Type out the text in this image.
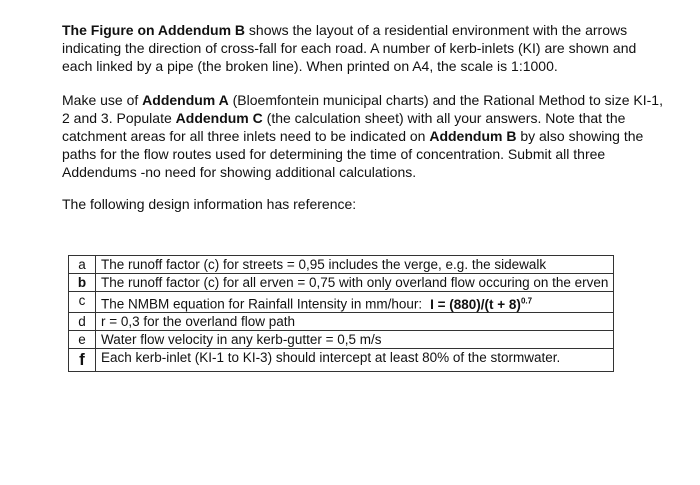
The Figure on Addendum B shows the layout of a residential environment with the arrows indicating the direction of cross-fall for each road. A number of kerb-inlets (KI) are shown and each linked by a pipe (the broken line). When printed on A4, the scale is 1:1000.

Make use of Addendum A (Bloemfontein municipal charts) and the Rational Method to size KI-1, 2 and 3. Populate Addendum C (the calculation sheet) with all your answers. Note that the catchment areas for all three inlets need to be indicated on Addendum B by also showing the paths for the flow routes used for determining the time of concentration. Submit all three Addendums -no need for showing additional calculations.

The following design information has reference:

a	The runoff factor (c) for streets = 0,95 includes the verge, e.g. the sidewalk
b	The runoff factor (c) for all erven = 0,75 with only overland flow occuring on the erven
c	The NMBM equation for Rainfall Intensity in mm/hour: $I = (880)/(t + 8)^{0.7}$
d	r = 0,3 for the overland flow path
e	Water flow velocity in any kerb-gutter = 0,5 m/s
f	Each kerb-inlet (KI-1 to KI-3) should intercept at least 80% of the stormwater.
